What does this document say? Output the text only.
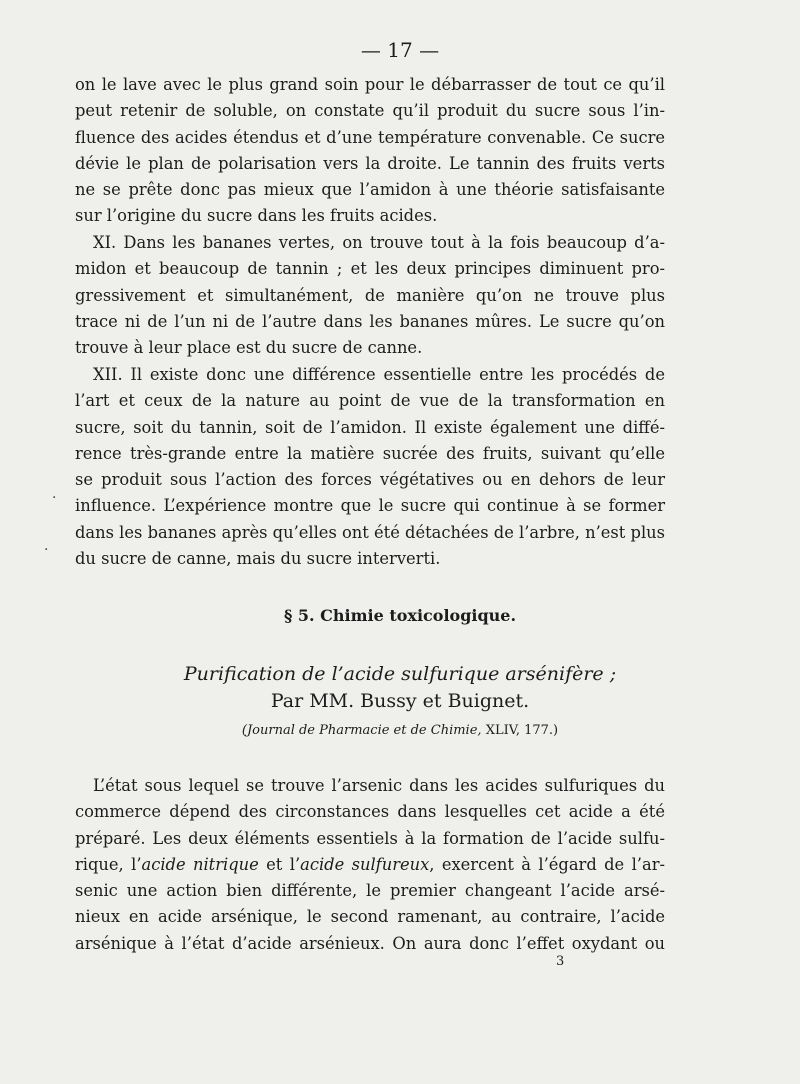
— 17 —
on le lave avec le plus grand soin pour le débarrasser de tout ce qu’il
peut retenir de soluble, on constate qu’il produit du sucre sous l’in-
fluence des acides étendus et d’une température convenable. Ce sucre
dévie le plan de polarisation vers la droite. Le tannin des fruits verts
ne se prête donc pas mieux que l’amidon à une théorie satisfaisante
sur l’origine du sucre dans les fruits acides.
XI. Dans les bananes vertes, on trouve tout à la fois beaucoup d’a-
midon et beaucoup de tannin ; et les deux principes diminuent pro-
gressivement et simultanément, de manière qu’on ne trouve plus
trace ni de l’un ni de l’autre dans les bananes mûres. Le sucre qu’on
trouve à leur place est du sucre de canne.
XII. Il existe donc une différence essentielle entre les procédés de
l’art et ceux de la nature au point de vue de la transformation en
sucre, soit du tannin, soit de l’amidon. Il existe également une diffé-
rence très-grande entre la matière sucrée des fruits, suivant qu’elle
se produit sous l’action des forces végétatives ou en dehors de leur
influence. L’expérience montre que le sucre qui continue à se former
dans les bananes après qu’elles ont été détachées de l’arbre, n’est plus
du sucre de canne, mais du sucre interverti.
§ 5. Chimie toxicologique.
Purification de l’acide sulfurique arsénifère ;
Par MM. Bussy et Buignet.
(Journal de Pharmacie et de Chimie, XLIV, 177.)
L’état sous lequel se trouve l’arsenic dans les acides sulfuriques du
commerce dépend des circonstances dans lesquelles cet acide a été
préparé. Les deux éléments essentiels à la formation de l’acide sulfu-
rique, l’acide nitrique et l’acide sulfureux, exercent à l’égard de l’ar-
senic une action bien différente, le premier changeant l’acide arsé-
nieux en acide arsénique, le second ramenant, au contraire, l’acide
arsénique à l’état d’acide arsénieux. On aura donc l’effet oxydant ou
3
·
·
